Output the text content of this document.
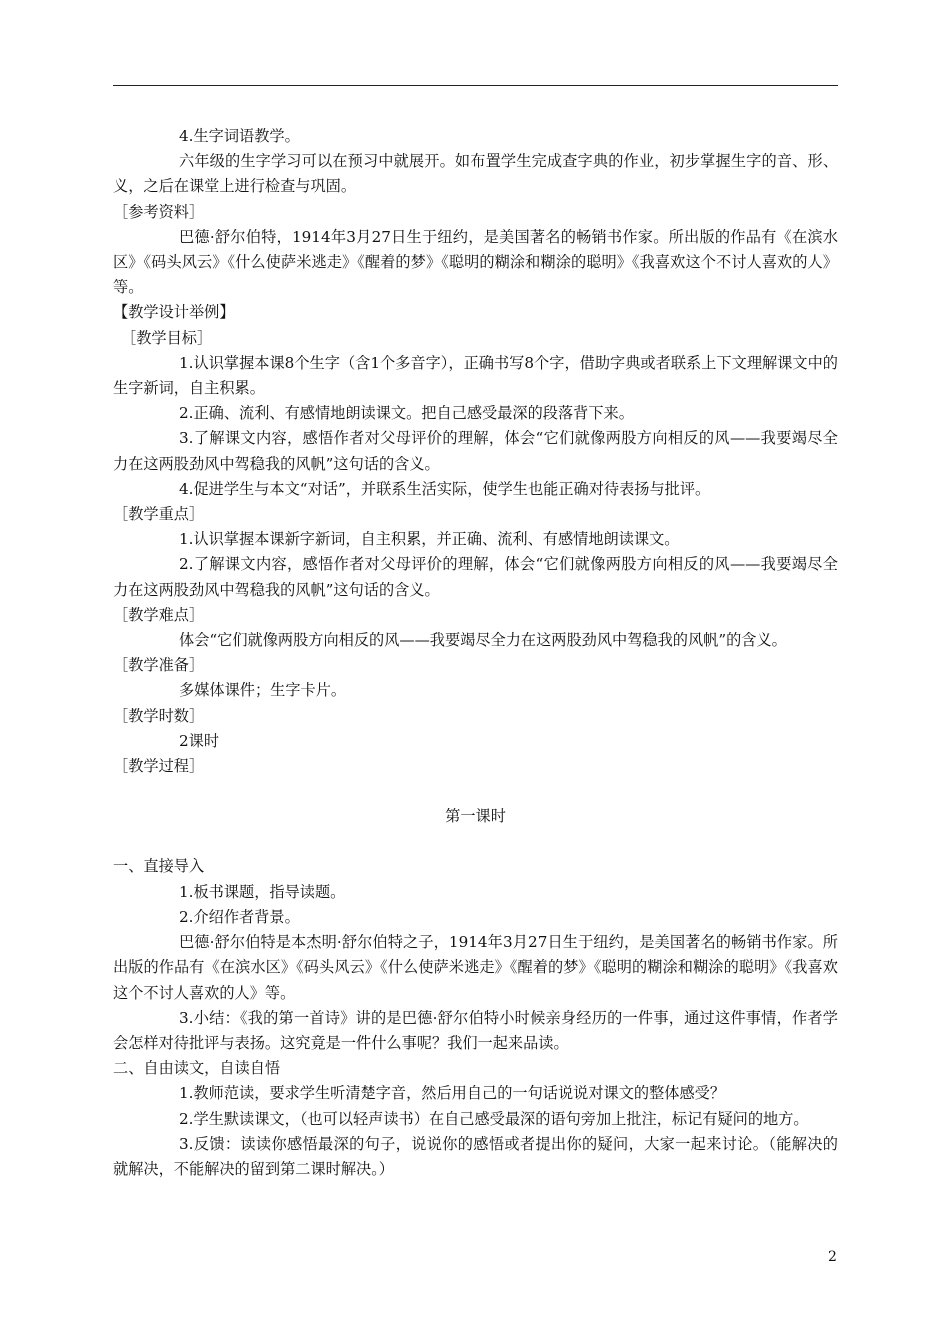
4.生字词语教学。
六年级的生字学习可以在预习中就展开。如布置学生完成查字典的作业，初步掌握生字的音、形、义，之后在课堂上进行检查与巩固。
［参考资料］
巴德·舒尔伯特，1914年3月27日生于纽约，是美国著名的畅销书作家。所出版的作品有《在滨水区》《码头风云》《什么使萨米逃走》《醒着的梦》《聪明的糊涂和糊涂的聪明》《我喜欢这个不讨人喜欢的人》等。
【教学设计举例】
［教学目标］
1.认识掌握本课8个生字（含1个多音字），正确书写8个字，借助字典或者联系上下文理解课文中的生字新词，自主积累。
2.正确、流利、有感情地朗读课文。把自己感受最深的段落背下来。
3.了解课文内容，感悟作者对父母评价的理解，体会“它们就像两股方向相反的风——我要竭尽全力在这两股劲风中驾稳我的风帆”这句话的含义。
4.促进学生与本文“对话”，并联系生活实际，使学生也能正确对待表扬与批评。
［教学重点］
1.认识掌握本课新字新词，自主积累，并正确、流利、有感情地朗读课文。
2.了解课文内容，感悟作者对父母评价的理解，体会“它们就像两股方向相反的风——我要竭尽全力在这两股劲风中驾稳我的风帆”这句话的含义。
［教学难点］
体会“它们就像两股方向相反的风——我要竭尽全力在这两股劲风中驾稳我的风帆”的含义。
［教学准备］
多媒体课件；生字卡片。
［教学时数］
2课时
［教学过程］
第一课时
一、直接导入
1.板书课题，指导读题。
2.介绍作者背景。
巴德·舒尔伯特是本杰明·舒尔伯特之子，1914年3月27日生于纽约，是美国著名的畅销书作家。所出版的作品有《在滨水区》《码头风云》《什么使萨米逃走》《醒着的梦》《聪明的糊涂和糊涂的聪明》《我喜欢这个不讨人喜欢的人》等。
3.小结：《我的第一首诗》讲的是巴德·舒尔伯特小时候亲身经历的一件事，通过这件事情，作者学会怎样对待批评与表扬。这究竟是一件什么事呢？我们一起来品读。
二、自由读文，自读自悟
1.教师范读，要求学生听清楚字音，然后用自己的一句话说说对课文的整体感受？
2.学生默读课文，（也可以轻声读书）在自己感受最深的语句旁加上批注，标记有疑问的地方。
3.反馈：读读你感悟最深的句子，说说你的感悟或者提出你的疑问，大家一起来讨论。（能解决的就解决，不能解决的留到第二课时解决。）
2
